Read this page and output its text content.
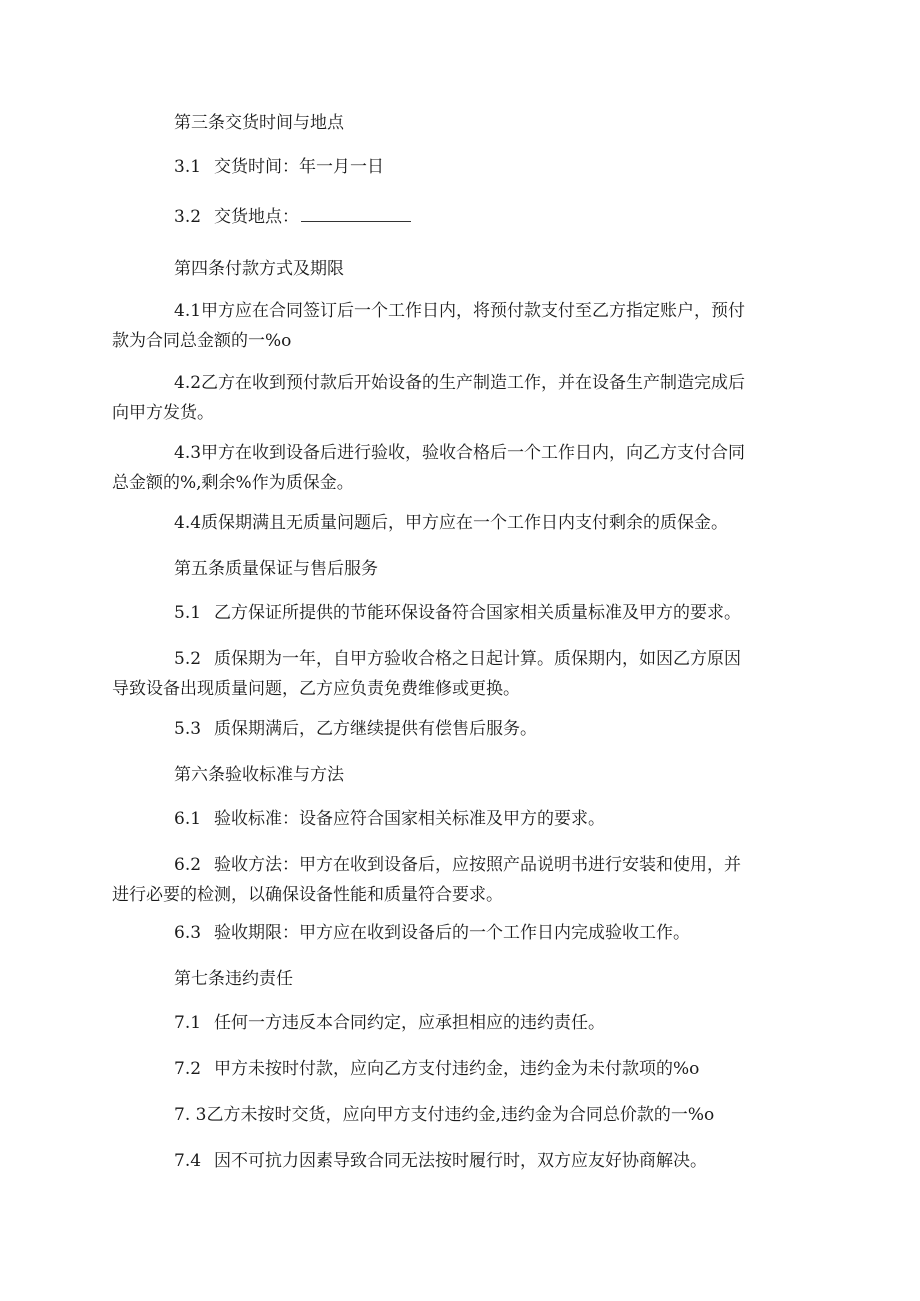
第三条交货时间与地点
3.1 交货时间：年一月一日
3.2 交货地点：
第四条付款方式及期限
4.1甲方应在合同签订后一个工作日内，将预付款支付至乙方指定账户，预付
款为合同总金额的一%o
4.2乙方在收到预付款后开始设备的生产制造工作，并在设备生产制造完成后
向甲方发货。
4.3甲方在收到设备后进行验收，验收合格后一个工作日内，向乙方支付合同
总金额的%,剩余%作为质保金。
4.4质保期满且无质量问题后，甲方应在一个工作日内支付剩余的质保金。
第五条质量保证与售后服务
5.1 乙方保证所提供的节能环保设备符合国家相关质量标准及甲方的要求。
5.2 质保期为一年，自甲方验收合格之日起计算。质保期内，如因乙方原因
导致设备出现质量问题，乙方应负责免费维修或更换。
5.3 质保期满后，乙方继续提供有偿售后服务。
第六条验收标准与方法
6.1 验收标准：设备应符合国家相关标准及甲方的要求。
6.2 验收方法：甲方在收到设备后，应按照产品说明书进行安装和使用，并
进行必要的检测，以确保设备性能和质量符合要求。
6.3 验收期限：甲方应在收到设备后的一个工作日内完成验收工作。
第七条违约责任
7.1 任何一方违反本合同约定，应承担相应的违约责任。
7.2 甲方未按时付款，应向乙方支付违约金，违约金为未付款项的%o
7. 3乙方未按时交货，应向甲方支付违约金,违约金为合同总价款的一%o
7.4 因不可抗力因素导致合同无法按时履行时，双方应友好协商解决。
